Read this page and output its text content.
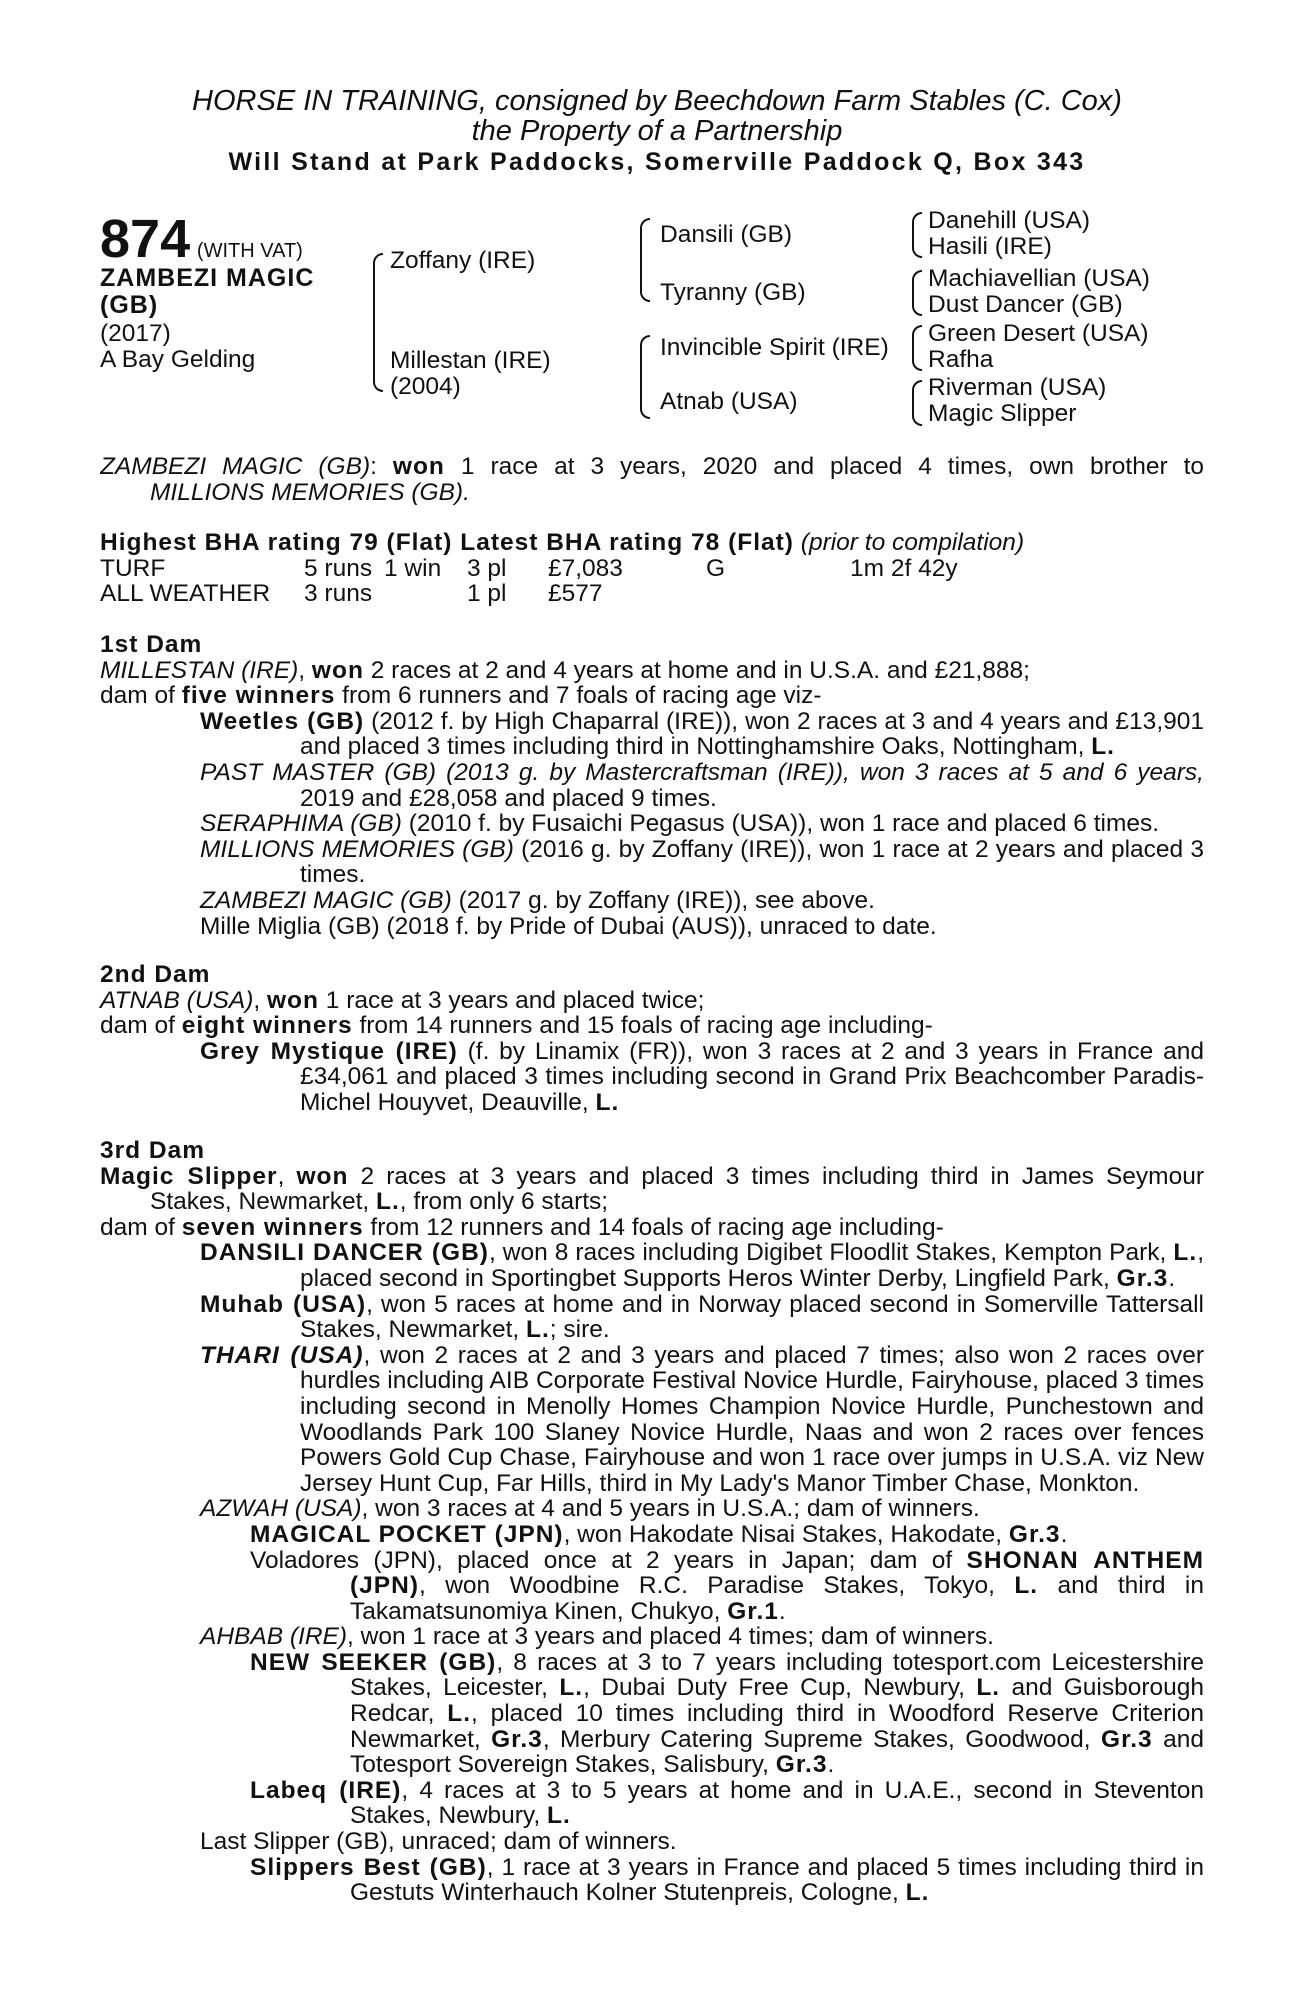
HORSE IN TRAINING, consigned by Beechdown Farm Stables (C. Cox)
the Property of a Partnership
Will Stand at Park Paddocks, Somerville Paddock Q, Box 343
874 (WITH VAT)
ZAMBEZI MAGIC
(GB)
(2017)
A Bay Gelding
Zoffany (IRE)
Millestan (IRE)
(2004)
Dansili (GB)
Tyranny (GB)
Invincible Spirit (IRE)
Atnab (USA)
Danehill (USA)
Hasili (IRE)
Machiavellian (USA)
Dust Dancer (GB)
Green Desert (USA)
Rafha
Riverman (USA)
Magic Slipper
ZAMBEZI MAGIC (GB): won 1 race at 3 years, 2020 and placed 4 times, own brother to
MILLIONS MEMORIES (GB).
Highest BHA rating 79 (Flat) Latest BHA rating 78 (Flat) (prior to compilation)
TURF	5 runs	1 win	3 pl	£7,083	G	1m 2f 42y
ALL WEATHER	3 runs		1 pl	£577		
1st Dam
MILLESTAN (IRE), won 2 races at 2 and 4 years at home and in U.S.A. and £21,888;
dam of five winners from 6 runners and 7 foals of racing age viz-
Weetles (GB) (2012 f. by High Chaparral (IRE)), won 2 races at 3 and 4 years and £13,901
and placed 3 times including third in Nottinghamshire Oaks, Nottingham, L.
PAST MASTER (GB) (2013 g. by Mastercraftsman (IRE)), won 3 races at 5 and 6 years,
2019 and £28,058 and placed 9 times.
SERAPHIMA (GB) (2010 f. by Fusaichi Pegasus (USA)), won 1 race and placed 6 times.
MILLIONS MEMORIES (GB) (2016 g. by Zoffany (IRE)), won 1 race at 2 years and placed 3
times.
ZAMBEZI MAGIC (GB) (2017 g. by Zoffany (IRE)), see above.
Mille Miglia (GB) (2018 f. by Pride of Dubai (AUS)), unraced to date.
2nd Dam
ATNAB (USA), won 1 race at 3 years and placed twice;
dam of eight winners from 14 runners and 15 foals of racing age including-
Grey Mystique (IRE) (f. by Linamix (FR)), won 3 races at 2 and 3 years in France and
£34,061 and placed 3 times including second in Grand Prix Beachcomber Paradis-
Michel Houyvet, Deauville, L.
3rd Dam
Magic Slipper, won 2 races at 3 years and placed 3 times including third in James Seymour
Stakes, Newmarket, L., from only 6 starts;
dam of seven winners from 12 runners and 14 foals of racing age including-
DANSILI DANCER (GB), won 8 races including Digibet Floodlit Stakes, Kempton Park, L.,
placed second in Sportingbet Supports Heros Winter Derby, Lingfield Park, Gr.3.
Muhab (USA), won 5 races at home and in Norway placed second in Somerville Tattersall
Stakes, Newmarket, L.; sire.
THARI (USA), won 2 races at 2 and 3 years and placed 7 times; also won 2 races over
hurdles including AIB Corporate Festival Novice Hurdle, Fairyhouse, placed 3 times
including second in Menolly Homes Champion Novice Hurdle, Punchestown and
Woodlands Park 100 Slaney Novice Hurdle, Naas and won 2 races over fences
Powers Gold Cup Chase, Fairyhouse and won 1 race over jumps in U.S.A. viz New
Jersey Hunt Cup, Far Hills, third in My Lady's Manor Timber Chase, Monkton.
AZWAH (USA), won 3 races at 4 and 5 years in U.S.A.; dam of winners.
MAGICAL POCKET (JPN), won Hakodate Nisai Stakes, Hakodate, Gr.3.
Voladores (JPN), placed once at 2 years in Japan; dam of SHONAN ANTHEM
(JPN), won Woodbine R.C. Paradise Stakes, Tokyo, L. and third in
Takamatsunomiya Kinen, Chukyo, Gr.1.
AHBAB (IRE), won 1 race at 3 years and placed 4 times; dam of winners.
NEW SEEKER (GB), 8 races at 3 to 7 years including totesport.com Leicestershire
Stakes, Leicester, L., Dubai Duty Free Cup, Newbury, L. and Guisborough
Redcar, L., placed 10 times including third in Woodford Reserve Criterion
Newmarket, Gr.3, Merbury Catering Supreme Stakes, Goodwood, Gr.3 and
Totesport Sovereign Stakes, Salisbury, Gr.3.
Labeq (IRE), 4 races at 3 to 5 years at home and in U.A.E., second in Steventon
Stakes, Newbury, L.
Last Slipper (GB), unraced; dam of winners.
Slippers Best (GB), 1 race at 3 years in France and placed 5 times including third in
Gestuts Winterhauch Kolner Stutenpreis, Cologne, L.
